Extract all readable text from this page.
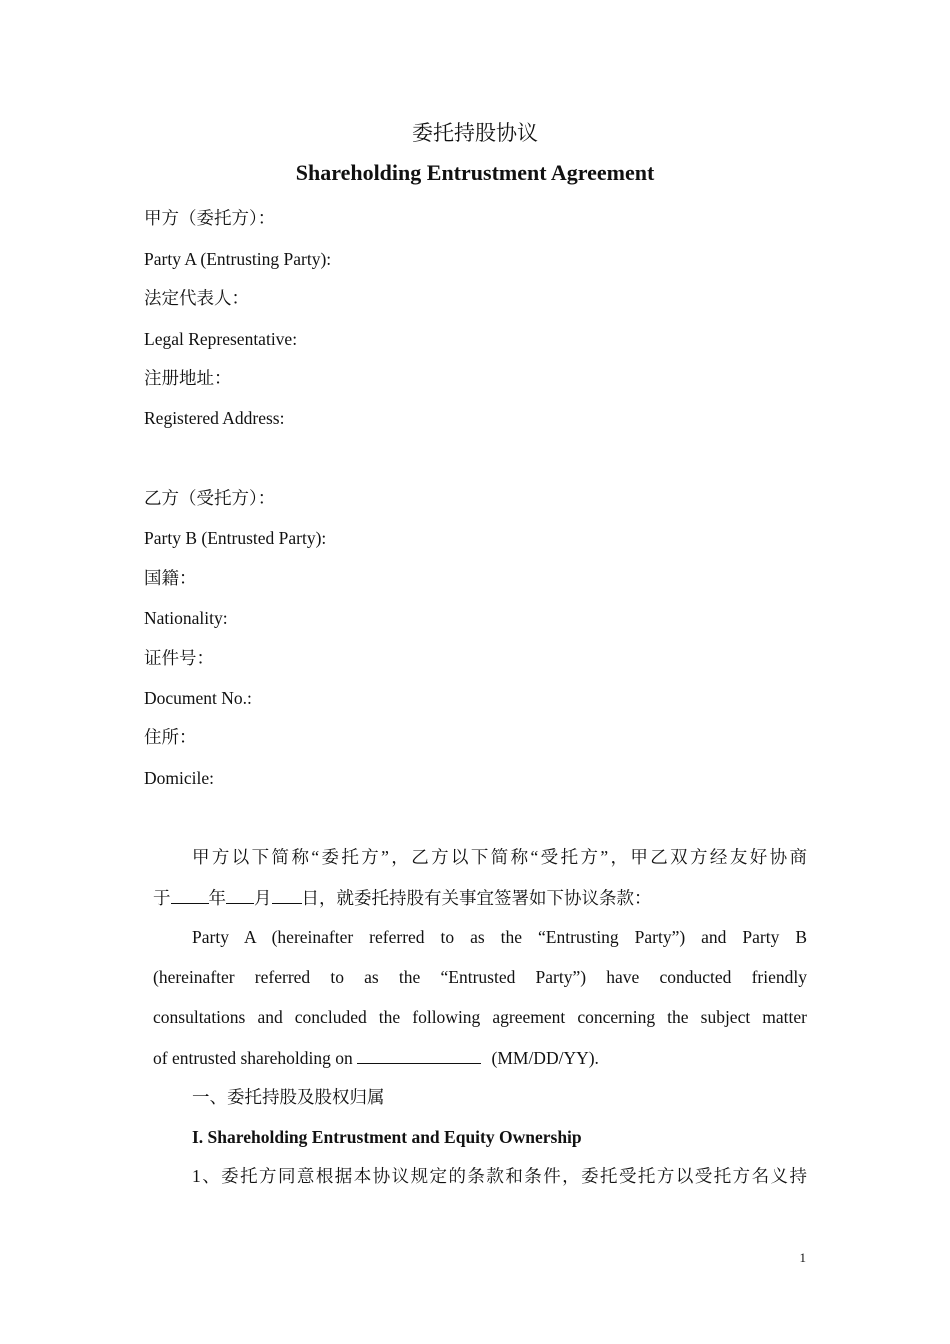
委托持股协议
Shareholding Entrustment Agreement
甲方（委托方）：
Party A (Entrusting Party):
法定代表人：
Legal Representative:
注册地址：
Registered Address:
乙方（受托方）：
Party B (Entrusted Party):
国籍：
Nationality:
证件号：
Document No.:
住所：
Domicile:
甲方以下简称“委托方”，乙方以下简称“受托方”，甲乙双方经友好协商
于 年 月 日，就委托持股有关事宜签署如下协议条款：
Party A (hereinafter referred to as the “Entrusting Party”) and Party B
(hereinafter referred to as the “Entrusted Party”) have conducted friendly
consultations and concluded the following agreement concerning the subject matter
of entrusted shareholding on	(MM/DD/YY).
一、委托持股及股权归属
I. Shareholding Entrustment and Equity Ownership
1、委托方同意根据本协议规定的条款和条件，委托受托方以受托方名义持
1
